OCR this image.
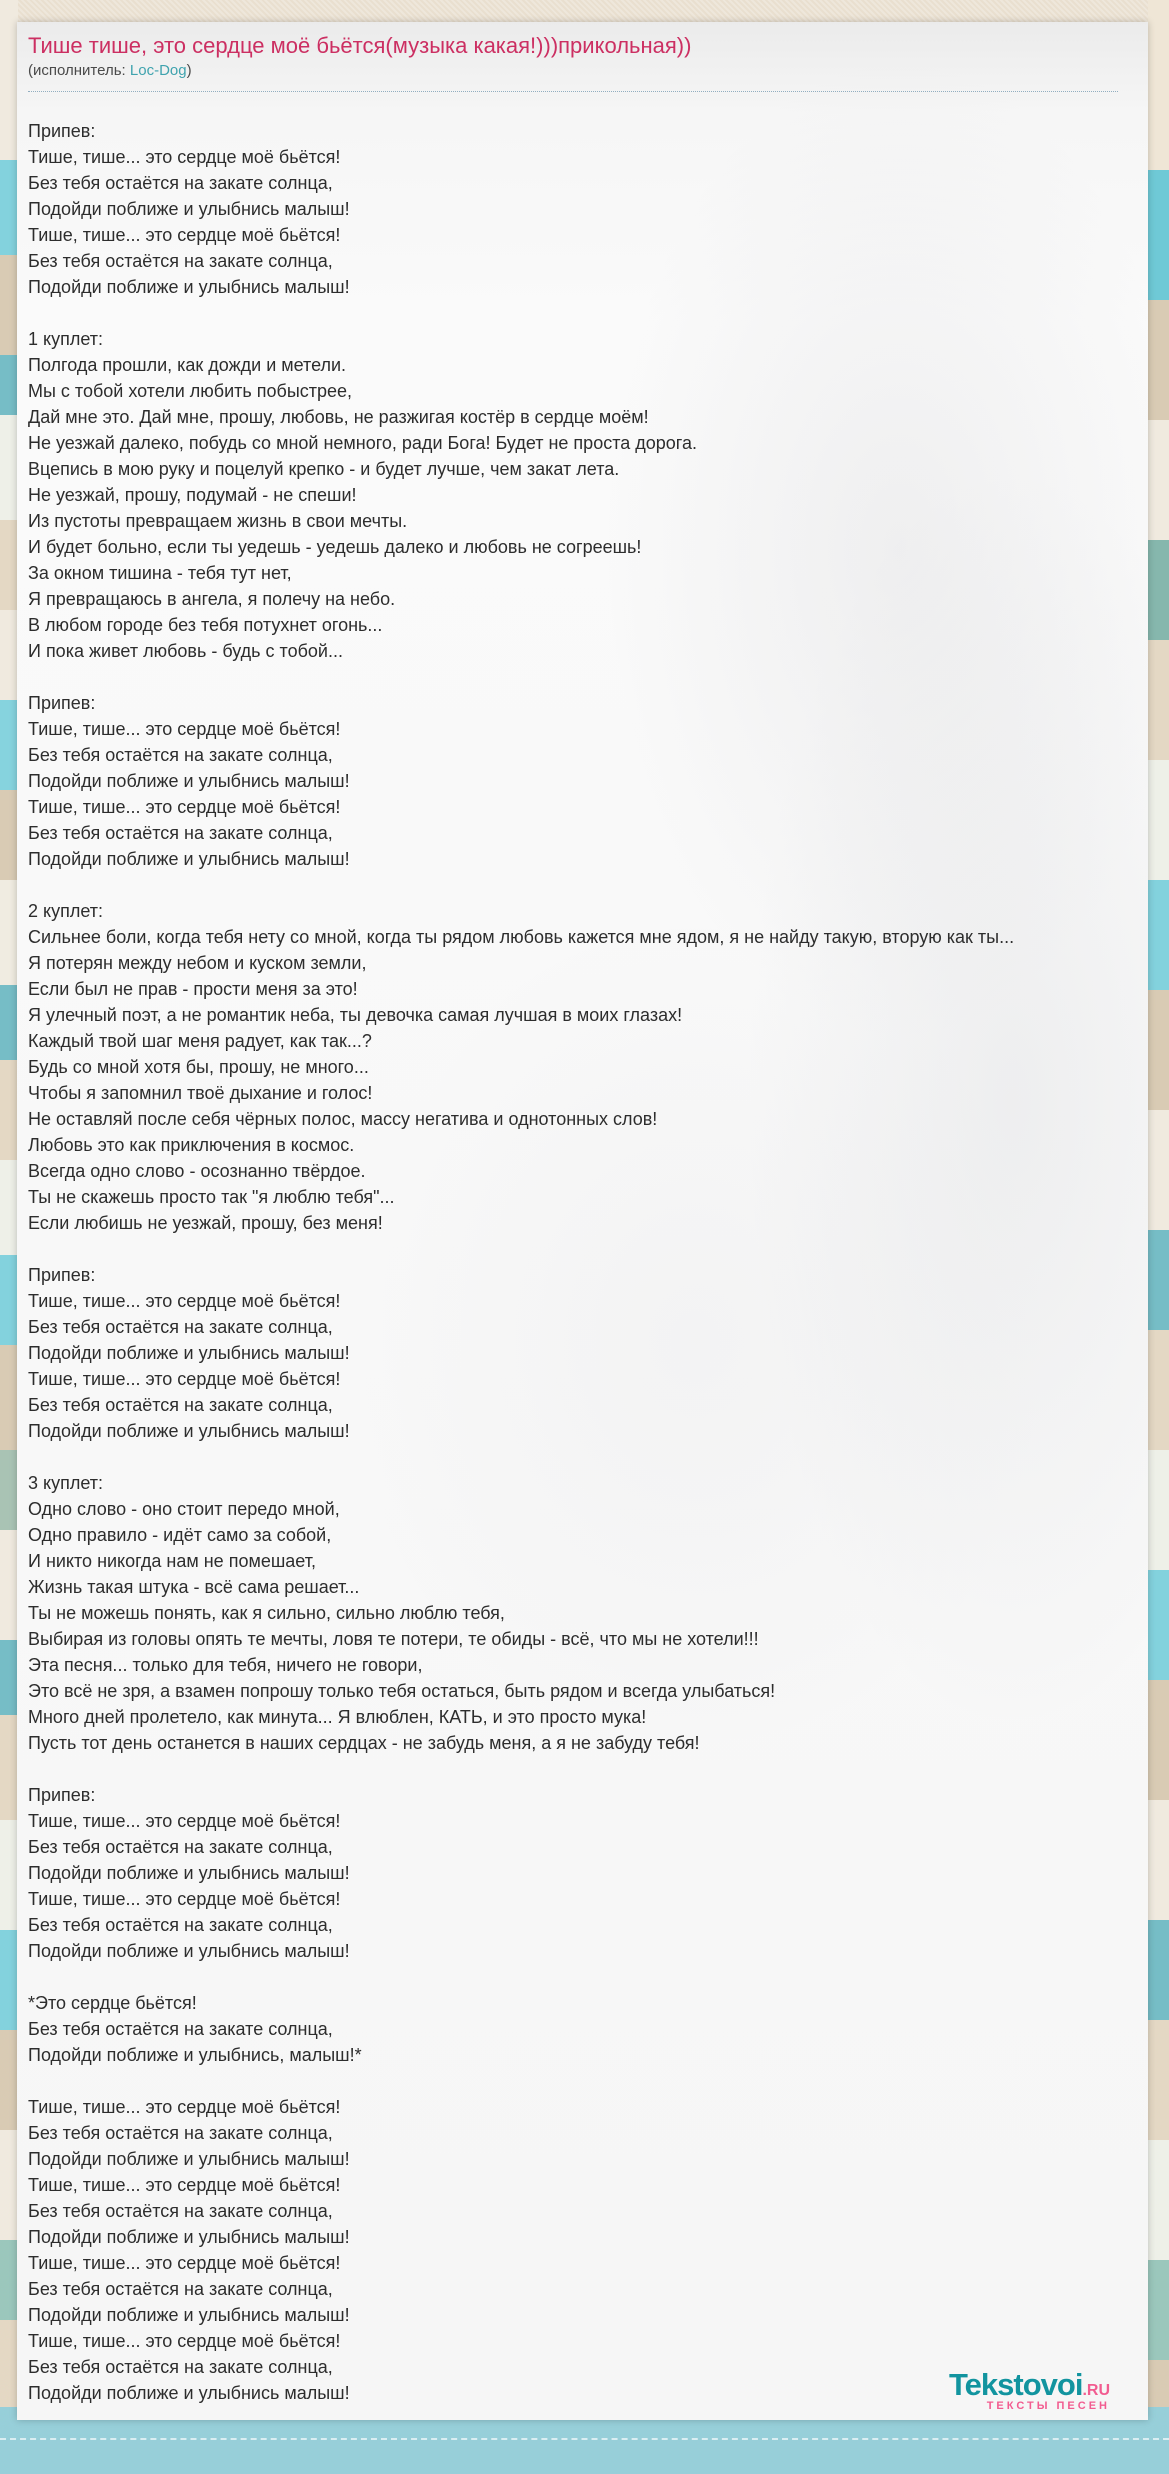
Тише тише, это сердце моё бьётся(музыка какая!)))прикольная))
(исполнитель: Loc-Dog)

Припев:
Тише, тише... это сердце моё бьётся!
Без тебя остаётся на закате солнца,
Подойди поближе и улыбнись малыш!
Тише, тише... это сердце моё бьётся!
Без тебя остаётся на закате солнца,
Подойди поближе и улыбнись малыш!

1 куплет:
Полгода прошли, как дожди и метели.
Мы с тобой хотели любить побыстрее,
Дай мне это. Дай мне, прошу, любовь, не разжигая костёр в сердце моём!
Не уезжай далеко, побудь со мной немного, ради Бога! Будет не проста дорога.
Вцепись в мою руку и поцелуй крепко - и будет лучше, чем закат лета.
Не уезжай, прошу, подумай - не спеши!
Из пустоты превращаем жизнь в свои мечты.
И будет больно, если ты уедешь - уедешь далеко и любовь не согреешь!
За окном тишина - тебя тут нет,
Я превращаюсь в ангела, я полечу на небо.
В любом городе без тебя потухнет огонь...
И пока живет любовь - будь с тобой...

Припев:
Тише, тише... это сердце моё бьётся!
Без тебя остаётся на закате солнца,
Подойди поближе и улыбнись малыш!
Тише, тише... это сердце моё бьётся!
Без тебя остаётся на закате солнца,
Подойди поближе и улыбнись малыш!

2 куплет:
Сильнее боли, когда тебя нету со мной, когда ты рядом любовь кажется мне ядом, я не найду такую, вторую как ты...
Я потерян между небом и куском земли,
Если был не прав - прости меня за это!
Я улечный поэт, а не романтик неба, ты девочка самая лучшая в моих глазах!
Каждый твой шаг меня радует, как так...?
Будь со мной хотя бы, прошу, не много...
Чтобы я запомнил твоё дыхание и голос!
Не оставляй после себя чёрных полос, массу негатива и однотонных слов!
Любовь это как приключения в космос.
Всегда одно слово - осознанно твёрдое.
Ты не скажешь просто так "я люблю тебя"...
Если любишь не уезжай, прошу, без меня!

Припев:
Тише, тише... это сердце моё бьётся!
Без тебя остаётся на закате солнца,
Подойди поближе и улыбнись малыш!
Тише, тише... это сердце моё бьётся!
Без тебя остаётся на закате солнца,
Подойди поближе и улыбнись малыш!

3 куплет:
Одно слово - оно стоит передо мной,
Одно правило - идёт само за собой,
И никто никогда нам не помешает,
Жизнь такая штука - всё сама решает...
Ты не можешь понять, как я сильно, сильно люблю тебя,
Выбирая из головы опять те мечты, ловя те потери, те обиды - всё, что мы не хотели!!!
Эта песня... только для тебя, ничего не говори,
Это всё не зря, а взамен попрошу только тебя остаться, быть рядом и всегда улыбаться!
Много дней пролетело, как минута... Я влюблен, КАТЬ, и это просто мука!
Пусть тот день останется в наших сердцах - не забудь меня, а я не забуду тебя!

Припев:
Тише, тише... это сердце моё бьётся!
Без тебя остаётся на закате солнца,
Подойди поближе и улыбнись малыш!
Тише, тише... это сердце моё бьётся!
Без тебя остаётся на закате солнца,
Подойди поближе и улыбнись малыш!

*Это сердце бьётся!
Без тебя остаётся на закате солнца,
Подойди поближе и улыбнись, малыш!*

Тише, тише... это сердце моё бьётся!
Без тебя остаётся на закате солнца,
Подойди поближе и улыбнись малыш!
Тише, тише... это сердце моё бьётся!
Без тебя остаётся на закате солнца,
Подойди поближе и улыбнись малыш!
Тише, тише... это сердце моё бьётся!
Без тебя остаётся на закате солнца,
Подойди поближе и улыбнись малыш!
Тише, тише... это сердце моё бьётся!
Без тебя остаётся на закате солнца,
Подойди поближе и улыбнись малыш!	Tekstovoi.RU
ТЕКСТЫ ПЕСЕН
